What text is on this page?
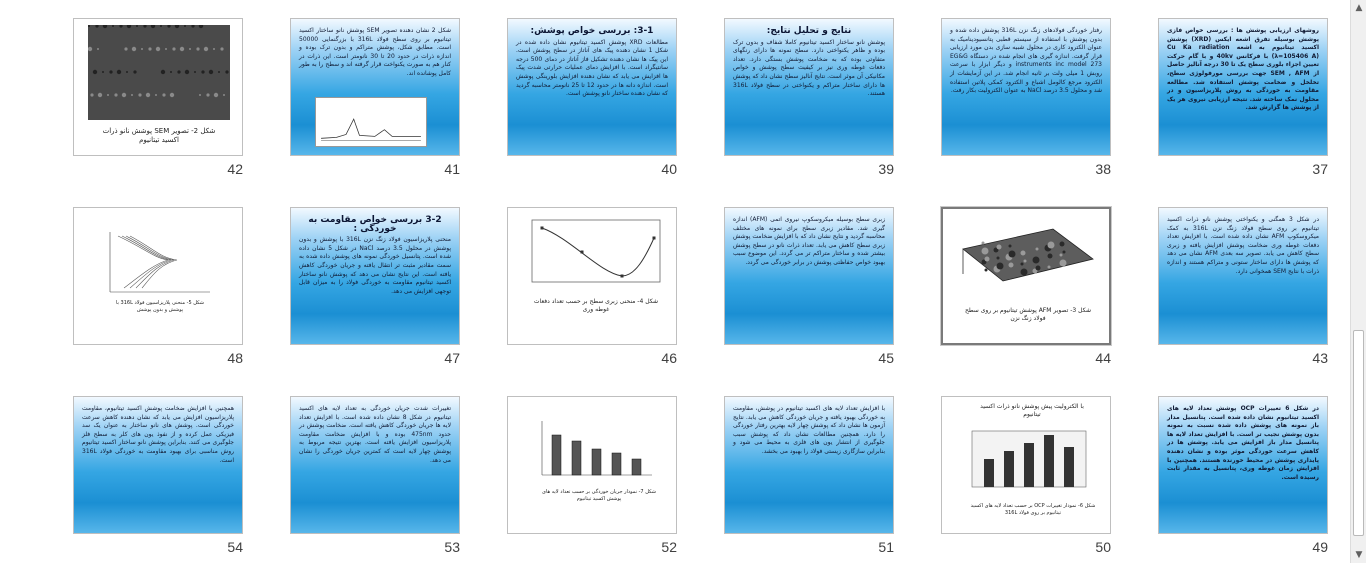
روشهای ارزیابی پوشش ها : بررسی خواص فازی پوشش بوسیله تفرق اشعه ایکس (XRD) پوشش اکسید تیتانیوم به اشعه Cu Ka radiation (λ=105406 A) با فرکانس 40kv و با گام حرکت تعیین اجزاء بلوری سطح یک تا 30 درجه آنالیز حاصل از SEM , AFM جهت بررسی مورفولوژی سطح، تخلخل و ضخامت پوشش استفاده شد. مطالعه مقاومت به خوردگی به روش پلاریزاسیون و در محلول نمک ساخته شد. نتیجه ارزیابی نیروی هر یک از پوشش ها گزارش شد.
37
رفتار خوردگی فولادهای زنگ نزن 316L پوشش داده شده و بدون پوشش با استفاده از سیستم قطبی پتانسیودینامیک به عنوان الکترود کاری در محلول شبیه سازی بدن مورد ارزیابی قرار گرفت. اندازه گیری های انجام شده در دستگاه EG&G instruments inc model 273 و دیگر ابزار با سرعت روبش 1 میلی ولت بر ثانیه انجام شد. در این آزمایشات از الکترود مرجع کالومل اشباع و الکترود کمکی پلاتین استفاده شد و محلول 3.5 درصد NaCl به عنوان الکترولیت بکار رفت.
38
نتایج و تحلیل نتایج:
پوشش نانو ساختار اکسید تیتانیوم کاملا شفاف و بدون ترک بوده و ظاهر یکنواختی دارد. سطح نمونه ها دارای رنگهای متفاوتی بوده که به ضخامت پوشش بستگی دارد. تعداد دفعات غوطه وری نیز بر کیفیت سطح پوشش و خواص مکانیکی آن موثر است. نتایج آنالیز سطح نشان داد که پوشش ها دارای ساختار متراکم و یکنواختی در سطح فولاد 316L هستند.
39
3-1: بررسی خواص پوشش:
مطالعات XRD پوشش اکسید تیتانیوم نشان داده شده در شکل 1 نشان دهنده پیک های آناتاز در سطح پوشش است. این پیک ها نشان دهنده تشکیل فاز آناتاز در دمای 500 درجه سانتیگراد است. با افزایش دمای عملیات حرارتی شدت پیک ها افزایش می یابد که نشان دهنده افزایش بلورینگی پوشش است. اندازه دانه ها در حدود 12 تا 25 نانومتر محاسبه گردید که نشان دهنده ساختار نانو پوشش است.
40
شکل 2 نشان دهنده تصویر SEM پوشش نانو ساختار اکسید تیتانیوم بر روی سطح فولاد 316L با بزرگنمایی 50000 است. مطابق شکل، پوشش متراکم و بدون ترک بوده و اندازه ذرات در حدود 20 تا 30 نانومتر است. این ذرات در کنار هم به صورت یکنواخت قرار گرفته اند و سطح را به طور کامل پوشانده اند.
41
شکل 2- تصویر SEM پوشش نانو ذرات اکسید تیتانیوم
42
در شکل 3 همگنی و یکنواختی پوشش نانو ذرات اکسید تیتانیوم بر روی سطح فولاد زنگ نزن 316L به کمک میکروسکوپ AFM نشان داده شده است. با افزایش تعداد دفعات غوطه وری ضخامت پوشش افزایش یافته و زبری سطح کاهش می یابد. تصویر سه بعدی AFM نشان می دهد که پوشش ها دارای ساختار ستونی و متراکم هستند و اندازه ذرات با نتایج SEM همخوانی دارد.
43
شکل 3- تصویر AFM پوشش تیتانیوم بر روی سطح فولاد زنگ نزن
44
زبری سطح بوسیله میکروسکوپ نیروی اتمی (AFM) اندازه گیری شد. مقادیر زبری سطح برای نمونه های مختلف محاسبه گردید و نتایج نشان داد که با افزایش ضخامت پوشش زبری سطح کاهش می یابد. تعداد ذرات نانو در سطح پوشش بیشتر شده و ساختار متراکم تر می گردد. این موضوع سبب بهبود خواص حفاظتی پوشش در برابر خوردگی می گردد.
45
شکل 4- منحنی زبری سطح بر حسب تعداد دفعات غوطه وری
46
3-2 بررسی خواص مقاومت به خوردگی :
منحنی پلاریزاسیون فولاد زنگ نزن 316L با پوشش و بدون پوشش در محلول 3.5 درصد NaCl در شکل 5 نشان داده شده است. پتانسیل خوردگی نمونه های پوشش داده شده به سمت مقادیر مثبت تر انتقال یافته و جریان خوردگی کاهش یافته است. این نتایج نشان می دهد که پوشش نانو ساختار اکسید تیتانیوم مقاومت به خوردگی فولاد را به میزان قابل توجهی افزایش می دهد.
47
شکل 5- منحنی پلاریزاسیون فولاد 316L با پوشش و بدون پوشش
48
در شکل 6 تغییرات OCP پوشش تعداد لایه های اکسید تیتانیوم نشان داده شده است. پتانسیل مدار باز نمونه های پوشش داده شده نسبت به نمونه بدون پوشش نجیب تر است. با افزایش تعداد لایه ها پتانسیل مدار باز افزایش می یابد. پوشش ها در کاهش سرعت خوردگی موثر بوده و نشان دهنده پایداری پوشش در محیط خورنده هستند. همچنین با افزایش زمان غوطه وری، پتانسیل به مقدار ثابت رسیده است.
49
با الکترولیت پیش پوشش نانو ذرات اکسید تیتانیوم
شکل 6- نمودار تغییرات OCP بر حسب تعداد لایه های اکسید تیتانیوم بر روی فولاد 316L
50
با افزایش تعداد لایه های اکسید تیتانیوم در پوشش، مقاومت به خوردگی بهبود یافته و جریان خوردگی کاهش می یابد. نتایج آزمون ها نشان داد که پوشش چهار لایه بهترین رفتار خوردگی را دارد. همچنین مطالعات نشان داد که پوشش سبب جلوگیری از انتشار یون های فلزی به محیط می شود و بنابراین سازگاری زیستی فولاد را بهبود می بخشد.
51
شکل 7- نمودار جریان خوردگی بر حسب تعداد لایه های پوشش اکسید تیتانیوم
52
تغییرات شدت جریان خوردگی به تعداد لایه های اکسید تیتانیوم در شکل 8 نشان داده شده است. با افزایش تعداد لایه ها جریان خوردگی کاهش یافته است. ضخامت پوشش در حدود 475nm بوده و با افزایش ضخامت مقاومت پلاریزاسیون افزایش یافته است. بهترین نتیجه مربوط به پوشش چهار لایه است که کمترین جریان خوردگی را نشان می دهد.
53
همچنین با افزایش ضخامت پوشش اکسید تیتانیوم، مقاومت پلاریزاسیون افزایش می یابد که نشان دهنده کاهش سرعت خوردگی است. پوشش های نانو ساختار به عنوان یک سد فیزیکی عمل کرده و از نفوذ یون های کلر به سطح فلز جلوگیری می کنند. بنابراین پوشش نانو ساختار اکسید تیتانیوم روش مناسبی برای بهبود مقاومت به خوردگی فولاد 316L است.
54
▲
▼
